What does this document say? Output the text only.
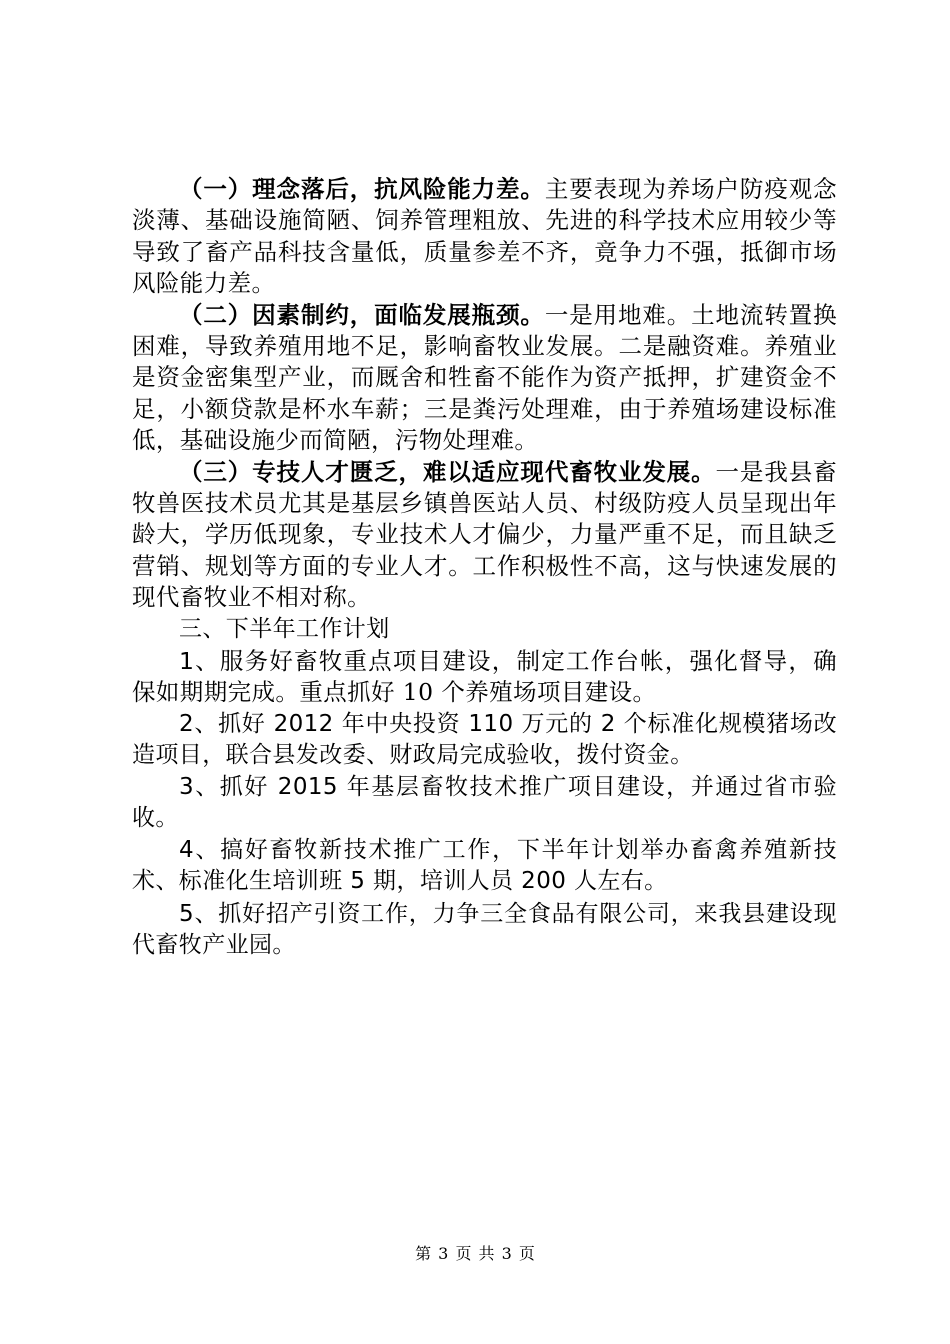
（一）理念落后，抗风险能力差。主要表现为养场户防疫观念淡薄、基础设施简陋、饲养管理粗放、先进的科学技术应用较少等导致了畜产品科技含量低，质量参差不齐，竟争力不强，抵御市场风险能力差。

（二）因素制约，面临发展瓶颈。一是用地难。土地流转置换困难，导致养殖用地不足，影响畜牧业发展。二是融资难。养殖业是资金密集型产业，而厩舍和牲畜不能作为资产抵押，扩建资金不足，小额贷款是杯水车薪；三是粪污处理难，由于养殖场建设标准低，基础设施少而简陋，污物处理难。

（三）专技人才匮乏，难以适应现代畜牧业发展。一是我县畜牧兽医技术员尤其是基层乡镇兽医站人员、村级防疫人员呈现出年龄大，学历低现象，专业技术人才偏少，力量严重不足，而且缺乏营销、规划等方面的专业人才。工作积极性不高，这与快速发展的现代畜牧业不相对称。

三、下半年工作计划

1、服务好畜牧重点项目建设，制定工作台帐，强化督导，确保如期期完成。重点抓好 10 个养殖场项目建设。

2、抓好 2012 年中央投资 110 万元的 2 个标准化规模猪场改造项目，联合县发改委、财政局完成验收，拨付资金。

3、抓好 2015 年基层畜牧技术推广项目建设，并通过省市验收。

4、搞好畜牧新技术推广工作，下半年计划举办畜禽养殖新技术、标准化生培训班 5 期，培训人员 200 人左右。

5、抓好招产引资工作，力争三全食品有限公司，来我县建设现代畜牧产业园。

第 3 页 共 3 页
